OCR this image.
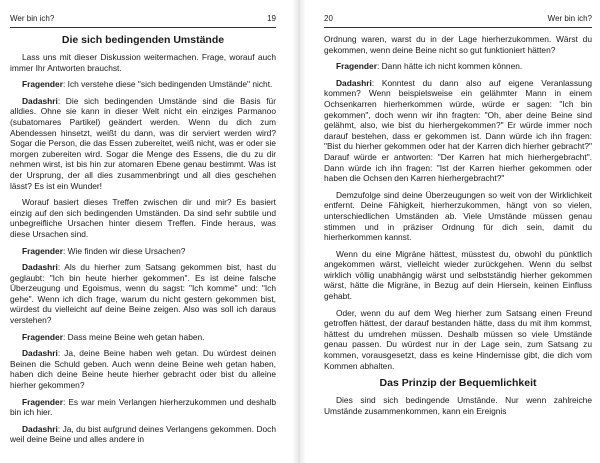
Wer bin ich?	19
Die sich bedingenden Umstände

Lass uns mit dieser Diskussion weitermachen. Frage, worauf auch immer Ihr Antworten brauchst.

Fragender: Ich verstehe diese "sich bedingenden Umstände" nicht.

Dadashri: Die sich bedingenden Umstände sind die Basis für alldies. Ohne sie kann in dieser Welt nicht ein einziges Parmanoo (subatomares Partikel) geändert werden. Wenn du dich zum Abendessen hinsetzt, weißt du dann, was dir serviert werden wird? Sogar die Person, die das Essen zubereitet, weiß nicht, was er oder sie morgen zubereiten wird. Sogar die Menge des Essens, die du zu dir nehmen wirst, ist bis hin zur atomaren Ebene genau bestimmt. Was ist der Ursprung, der all dies zusammenbringt und all dies geschehen lässt? Es ist ein Wunder!

Worauf basiert dieses Treffen zwischen dir und mir? Es basiert einzig auf den sich bedingenden Umständen. Da sind sehr subtile und unbegreifliche Ursachen hinter diesem Treffen. Finde heraus, was diese Ursachen sind.

Fragender: Wie finden wir diese Ursachen?

Dadashri: Als du hierher zum Satsang gekommen bist, hast du geglaubt: "Ich bin heute hierher gekommen". Es ist deine falsche Überzeugung und Egoismus, wenn du sagst: "Ich komme" und: "Ich gehe". Wenn ich dich frage, warum du nicht gestern gekommen bist, würdest du vielleicht auf deine Beine zeigen. Also was soll ich daraus verstehen?

Fragender: Dass meine Beine weh getan haben.

Dadashri: Ja, deine Beine haben weh getan. Du würdest deinen Beinen die Schuld geben. Auch wenn deine Beine weh getan haben, haben dich deine Beine heute hierher gebracht oder bist du alleine hierher gekommen?

Fragender: Es war mein Verlangen hierherzukommen und deshalb bin ich hier.

Dadashri: Ja, du bist aufgrund deines Verlangens gekommen. Doch weil deine Beine und alles andere in

20	Wer bin ich?

Ordnung waren, warst du in der Lage hierherzukommen. Wärst du gekommen, wenn deine Beine nicht so gut funktioniert hätten?

Fragender: Dann hätte ich nicht kommen können.

Dadashri: Konntest du dann also auf eigene Veranlassung kommen? Wenn beispielsweise ein gelähmter Mann in einem Ochsenkarren hierherkommen würde, würde er sagen: "Ich bin gekommen", doch wenn wir ihn fragten: "Oh, aber deine Beine sind gelähmt, also, wie bist du hierhergekommen?" Er würde immer noch darauf bestehen, dass er gekommen ist. Dann würde ich ihn fragen: "Bist du hierher gekommen oder hat der Karren dich hierher gebracht?" Darauf würde er antworten: "Der Karren hat mich hierhergebracht". Dann würde ich ihn fragen: "Ist der Karren hierher gekommen oder haben die Ochsen den Karren hierhergebracht?"

Demzufolge sind deine Überzeugungen so weit von der Wirklichkeit entfernt. Deine Fähigkeit, hierherzukommen, hängt von so vielen, unterschiedlichen Umständen ab. Viele Umstände müssen genau stimmen und in präziser Ordnung für dich sein, damit du hierherkommen kannst.

Wenn du eine Migräne hättest, müsstest du, obwohl du pünktlich angekommen wärst, vielleicht wieder zurückgehen. Wenn du selbst wirklich völlig unabhängig wärst und selbstständig hierher gekommen wärst, hätte die Migräne, in Bezug auf dein Hiersein, keinen Einfluss gehabt.

Oder, wenn du auf dem Weg hierher zum Satsang einen Freund getroffen hättest, der darauf bestanden hätte, dass du mit ihm kommst, hättest du umdrehen müssen. Deshalb müssen so viele Umstände genau passen. Du würdest nur in der Lage sein, zum Satsang zu kommen, vorausgesetzt, dass es keine Hindernisse gibt, die dich vom Kommen abhalten.

Das Prinzip der Bequemlichkeit

Dies sind sich bedingende Umstände. Nur wenn zahlreiche Umstände zusammenkommen, kann ein Ereignis
